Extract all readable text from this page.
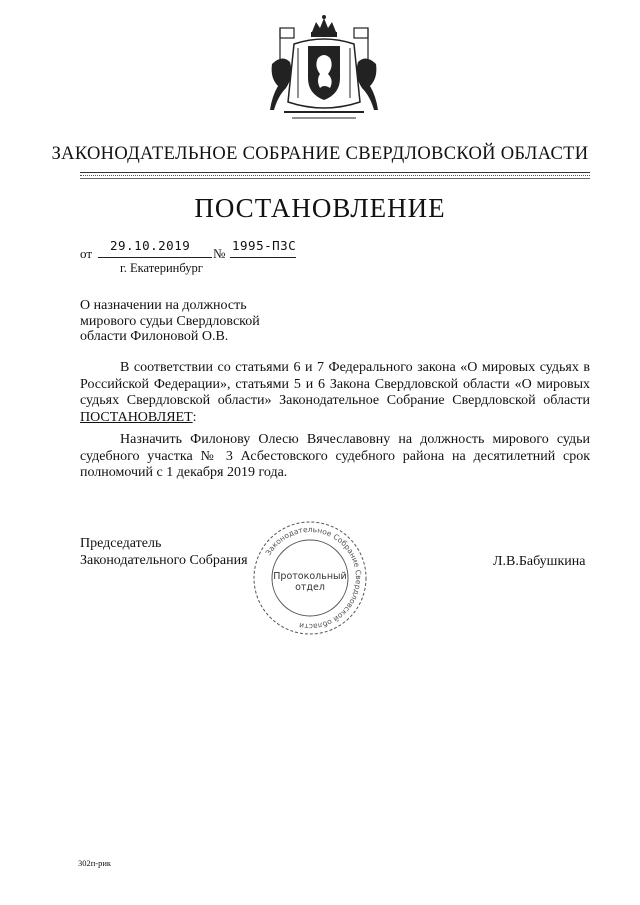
ЗАКОНОДАТЕЛЬНОЕ СОБРАНИЕ СВЕРДЛОВСКОЙ ОБЛАСТИ
ПОСТАНОВЛЕНИЕ
от
29.10.2019
№
1995-ПЗС
г. Екатеринбург
О назначении на должность
мирового судьи Свердловской
области Филоновой О.В.

В соответствии со статьями 6 и 7 Федерального закона «О мировых судьях в Российской Федерации», статьями 5 и 6 Закона Свердловской области «О мировых судьях Свердловской области» Законодательное Собрание Свердловской области ПОСТАНОВЛЯЕТ:

Назначить Филонову Олесю Вячеславовну на должность мирового судьи судебного участка № 3 Асбестовского судебного района на десятилетний срок полномочий с 1 декабря 2019 года.

Председатель
Законодательного Собрания	Л.В.Бабушкина
Законодательное Собрание Свердловской области
Протокольный
отдел
302п-рик
